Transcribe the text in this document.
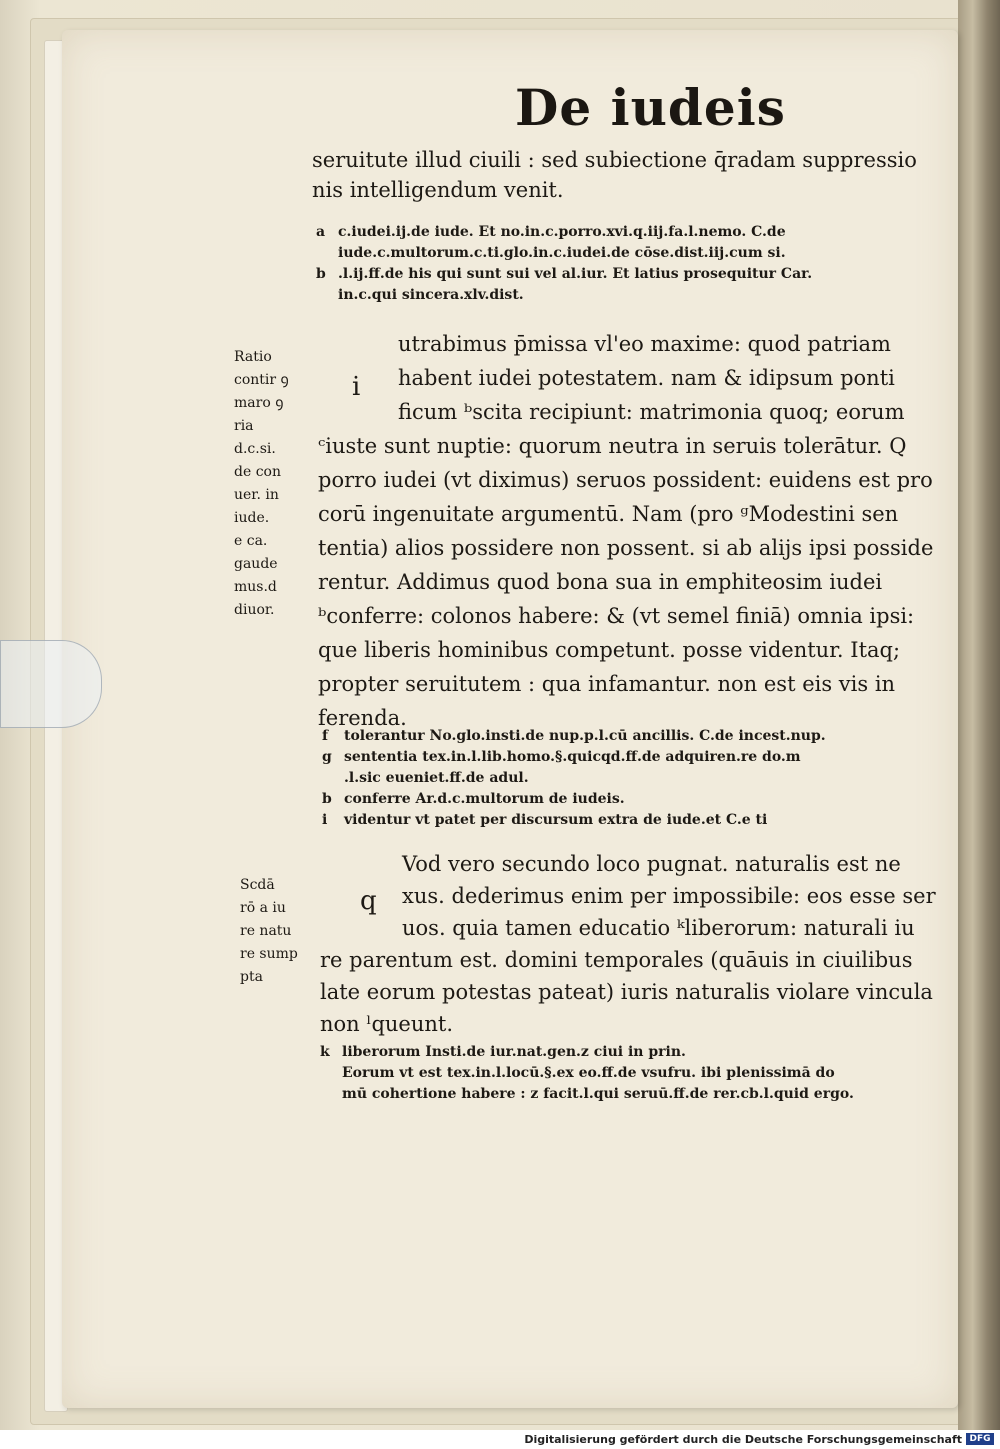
De iudeis

seruitute illud ciuili : sed subiectione q̄radam suppressio

nis intelligendum venit.

a c.iudei.ij.de iude. Et no.in.c.porro.xvi.q.iij.fa.l.nemo. C.de

iude.c.multorum.c.ti.glo.in.c.iudei.de cōse.dist.iij.cum si.

b .l.ij.ff.de his qui sunt sui vel al.iur. Et latius prosequitur Car.

in.c.qui sincera.xlv.dist.

Ratio
contir ꝯ
maro ꝯ
ria
d.c.si.
de con
uer. in
iude.
e ca.
gaude
mus.d
diuor.
i

utrabimus p̄missa vl'eo maxime: quod patriam

habent iudei potestatem. nam & idipsum ponti

ficum ᵇscita recipiunt: matrimonia quoq; eorum

ᶜiuste sunt nuptie: quorum neutra in seruis tolerātur. Q

porro iudei (vt diximus) seruos possident: euidens est pro

corū ingenuitate argumentū. Nam (pro ᵍModestini sen

tentia) alios possidere non possent. si ab alijs ipsi posside

rentur. Addimus quod bona sua in emphiteosim iudei

ᵇconferre: colonos habere: & (vt semel finiā) omnia ipsi:

que liberis hominibus competunt. posse videntur. Itaq;

propter seruitutem : qua infamantur. non est eis vis in

ferenda.

f tolerantur No.glo.insti.de nup.p.l.cū ancillis. C.de incest.nup.

g sententia tex.in.l.lib.homo.§.quicqd.ff.de adquiren.re do.m

.l.sic eueniet.ff.de adul.

b conferre Ar.d.c.multorum de iudeis.

i videntur vt patet per discursum extra de iude.et C.e ti

Scdā
rō a iu
re natu
re sump
pta
q

Vod vero secundo loco pugnat. naturalis est ne

xus. dederimus enim per impossibile: eos esse ser

uos. quia tamen educatio ᵏliberorum: naturali iu

re parentum est. domini temporales (quāuis in ciuilibus

late eorum potestas pateat) iuris naturalis violare vincula

non ˡqueunt.

k liberorum Insti.de iur.nat.gen.z ciui in prin.

Eorum vt est tex.in.l.locū.§.ex eo.ff.de vsufru. ibi plenissimā do

mū cohertione habere : z facit.l.qui seruū.ff.de rer.cb.l.quid ergo.

Digitalisierung gefördert durch die Deutsche Forschungsgemeinschaft DFG
